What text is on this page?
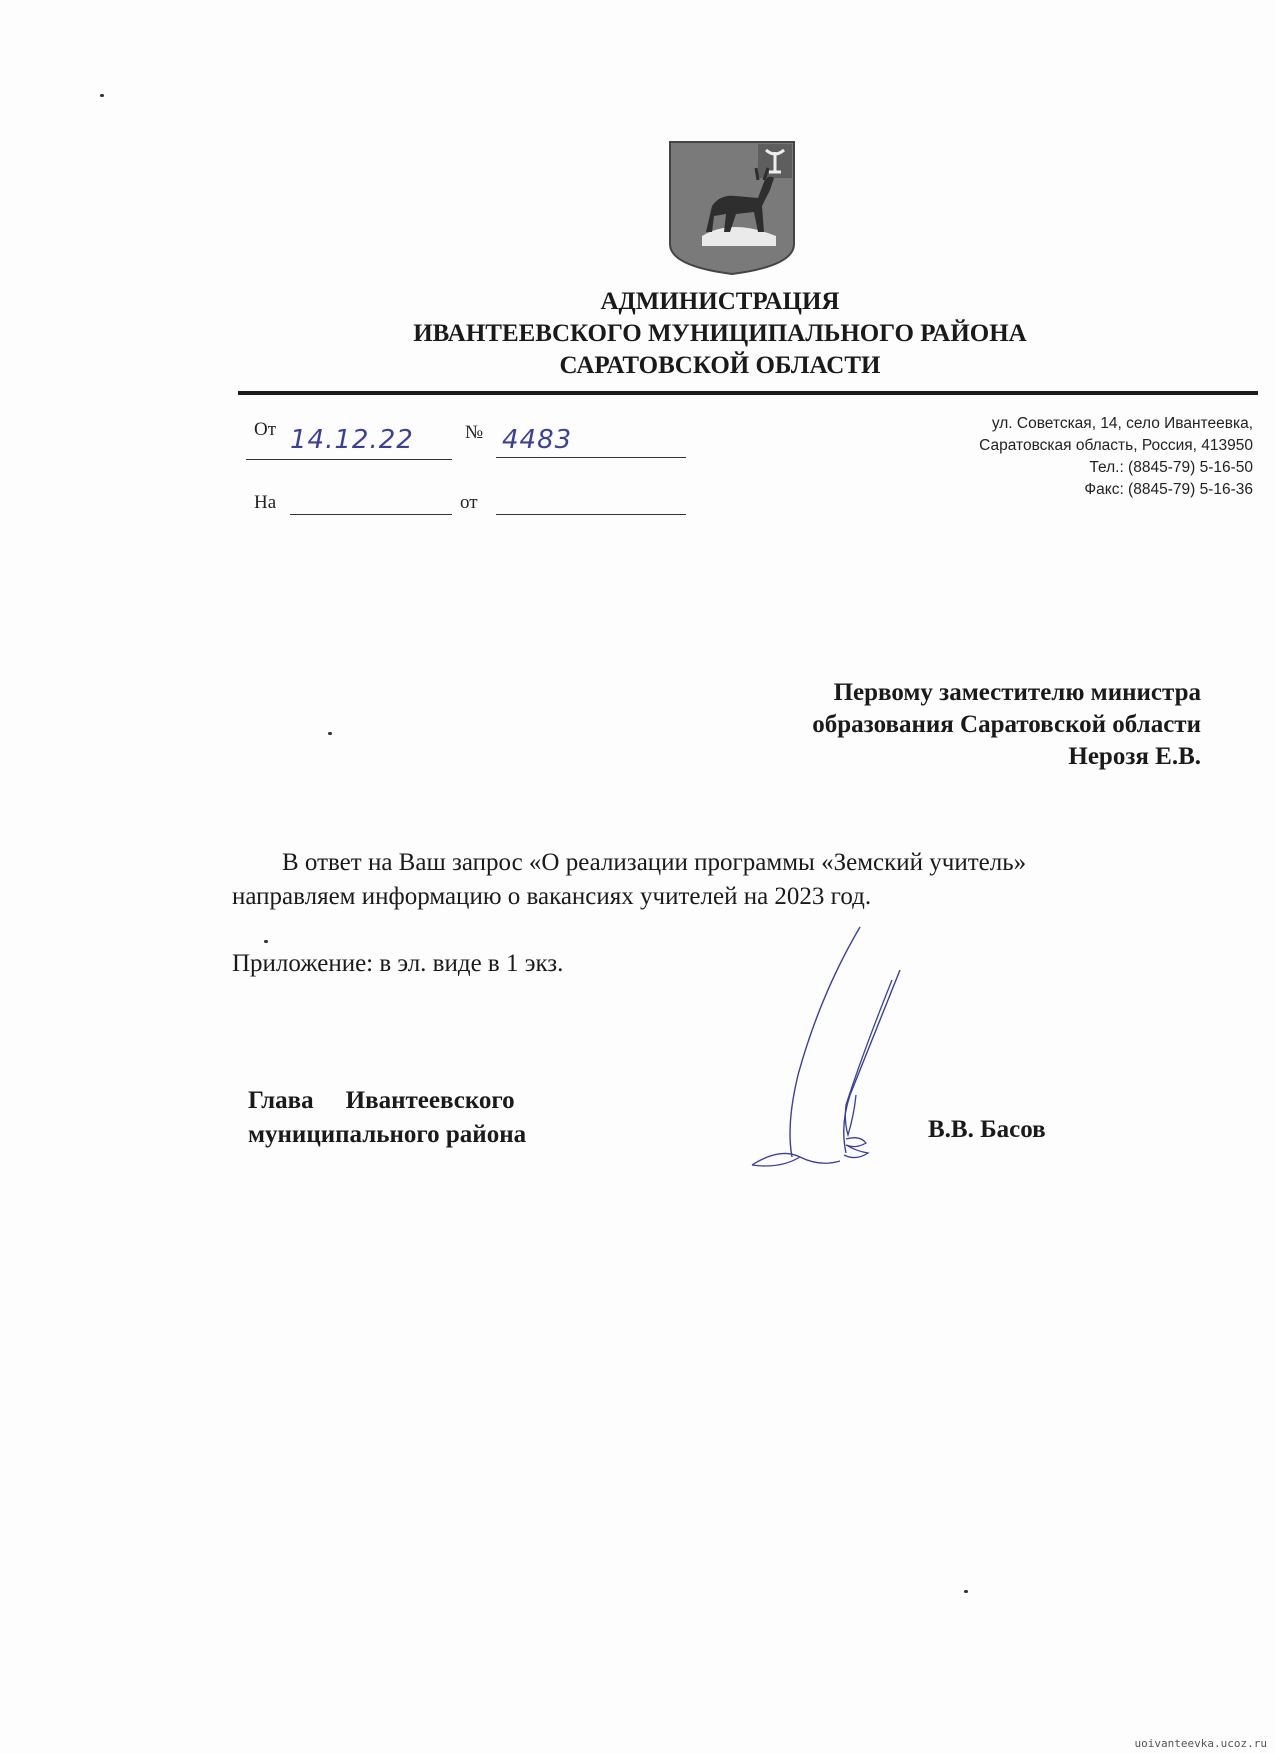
АДМИНИСТРАЦИЯ
ИВАНТЕЕВСКОГО МУНИЦИПАЛЬНОГО РАЙОНА
САРАТОВСКОЙ ОБЛАСТИ
От 14.12.22	№ 4483
На	от
ул. Советская, 14, село Ивантеевка,
Саратовская область, Россия, 413950
Тел.: (8845-79) 5-16-50
Факс: (8845-79) 5-16-36
Первому заместителю министра
образования Саратовской области
Нерозя Е.В.
В ответ на Ваш запрос «О реализации программы «Земский учитель»
направляем информацию о вакансиях учителей на 2023 год.
Приложение: в эл. виде в 1 экз.
Глава Ивантеевского
муниципального района	В.В. Басов
uoivanteevka.ucoz.ru
